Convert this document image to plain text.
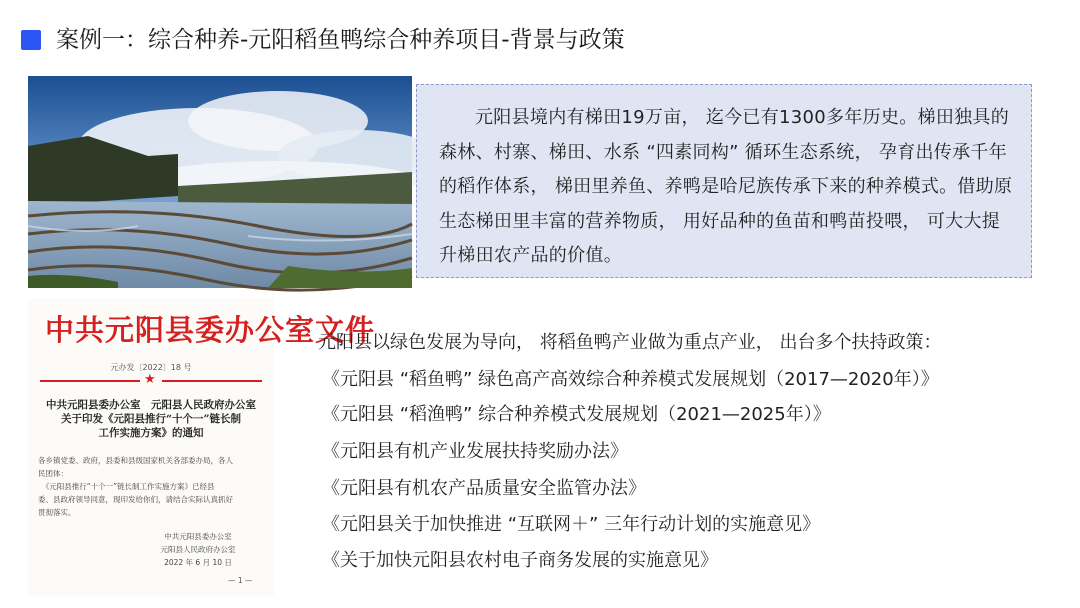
案例一：综合种养-元阳稻鱼鸭综合种养项目-背景与政策

元阳县境内有梯田19万亩， 迄今已有1300多年历史。梯田独具的森林、村寨、梯田、水系 “四素同构” 循环生态系统， 孕育出传承千年的稻作体系， 梯田里养鱼、养鸭是哈尼族传承下来的种养模式。借助原生态梯田里丰富的营养物质， 用好品种的鱼苗和鸭苗投喂， 可大大提升梯田农产品的价值。

中共元阳县委办公室文件
元办发〔2022〕18 号
★
中共元阳县委办公室　元阳县人民政府办公室
关于印发《元阳县推行“十个一”链长制
工作实施方案》的通知
各乡镇党委、政府，县委和县级国家机关各部委办局，各人
民团体：
　《元阳县推行“十个一”链长制工作实施方案》已经县
委、县政府领导同意，现印发给你们，请结合实际认真抓好
贯彻落实。
中共元阳县委办公室
元阳县人民政府办公室
2022 年 6 月 10 日
— 1 —
元阳县以绿色发展为导向， 将稻鱼鸭产业做为重点产业， 出台多个扶持政策：
《元阳县 “稻鱼鸭” 绿色高产高效综合种养模式发展规划（2017—2020年）》
《元阳县 “稻渔鸭” 综合种养模式发展规划（2021—2025年）》
《元阳县有机产业发展扶持奖励办法》
《元阳县有机农产品质量安全监管办法》
《元阳县关于加快推进 “互联网＋” 三年行动计划的实施意见》
《关于加快元阳县农村电子商务发展的实施意见》
